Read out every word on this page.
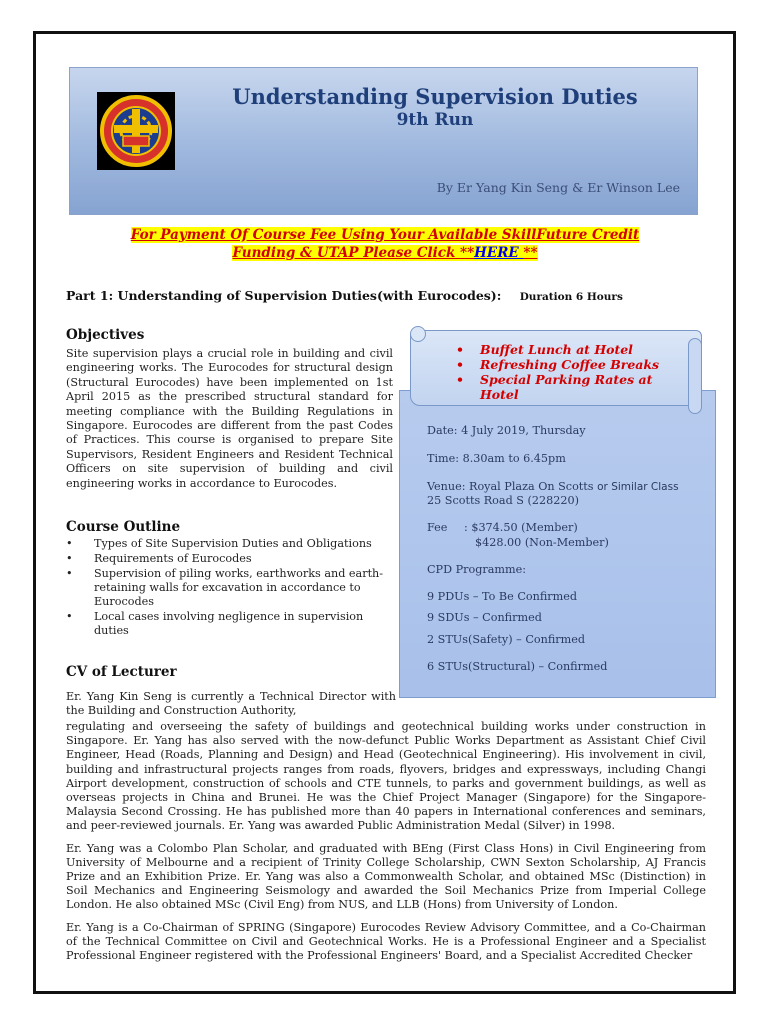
Understanding Supervision Duties
9th Run
By Er Yang Kin Seng & Er Winson Lee
For Payment Of Course Fee Using Your Available SkillFuture Credit
Funding & UTAP Please Click **HERE **
Part 1: Understanding of Supervision Duties(with Eurocodes): Duration 6 Hours
Objectives
Site supervision plays a crucial role in building and civil engineering works. The Eurocodes for structural design (Structural Eurocodes) have been implemented on 1st April 2015 as the prescribed structural standard for meeting compliance with the Building Regulations in Singapore. Eurocodes are different from the past Codes of Practices. This course is organised to prepare Site Supervisors, Resident Engineers and Resident Technical Officers on site supervision of building and civil engineering works in accordance to Eurocodes.
Course Outline
• Types of Site Supervision Duties and Obligations
• Requirements of Eurocodes
• Supervision of piling works, earthworks and earth-retaining walls for excavation in accordance to Eurocodes
• Local cases involving negligence in supervision duties
CV of Lecturer
Er. Yang Kin Seng is currently a Technical Director with the Building and Construction Authority,

regulating and overseeing the safety of buildings and geotechnical building works under construction in Singapore. Er. Yang has also served with the now-defunct Public Works Department as Assistant Chief Civil Engineer, Head (Roads, Planning and Design) and Head (Geotechnical Engineering). His involvement in civil, building and infrastructural projects ranges from roads, flyovers, bridges and expressways, including Changi Airport development, construction of schools and CTE tunnels, to parks and government buildings, as well as overseas projects in China and Brunei. He was the Chief Project Manager (Singapore) for the Singapore-Malaysia Second Crossing. He has published more than 40 papers in International conferences and seminars, and peer-reviewed journals. Er. Yang was awarded Public Administration Medal (Silver) in 1998.

Er. Yang was a Colombo Plan Scholar, and graduated with BEng (First Class Hons) in Civil Engineering from University of Melbourne and a recipient of Trinity College Scholarship, CWN Sexton Scholarship, AJ Francis Prize and an Exhibition Prize. Er. Yang was also a Commonwealth Scholar, and obtained MSc (Distinction) in Soil Mechanics and Engineering Seismology and awarded the Soil Mechanics Prize from Imperial College London. He also obtained MSc (Civil Eng) from NUS, and LLB (Hons) from University of London.

Er. Yang is a Co-Chairman of SPRING (Singapore) Eurocodes Review Advisory Committee, and a Co-Chairman of the Technical Committee on Civil and Geotechnical Works. He is a Professional Engineer and a Specialist Professional Engineer registered with the Professional Engineers' Board, and a Specialist Accredited Checker

• Buffet Lunch at Hotel
• Refreshing Coffee Breaks
• Special Parking Rates at Hotel
Date: 4 July 2019, Thursday
Time: 8.30am to 6.45pm
Venue: Royal Plaza On Scotts or Similar Class
25 Scotts Road S (228220)
Fee : $374.50 (Member)
$428.00 (Non-Member)
CPD Programme:
9 PDUs – To Be Confirmed
9 SDUs – Confirmed
2 STUs(Safety) – Confirmed
6 STUs(Structural) – Confirmed
